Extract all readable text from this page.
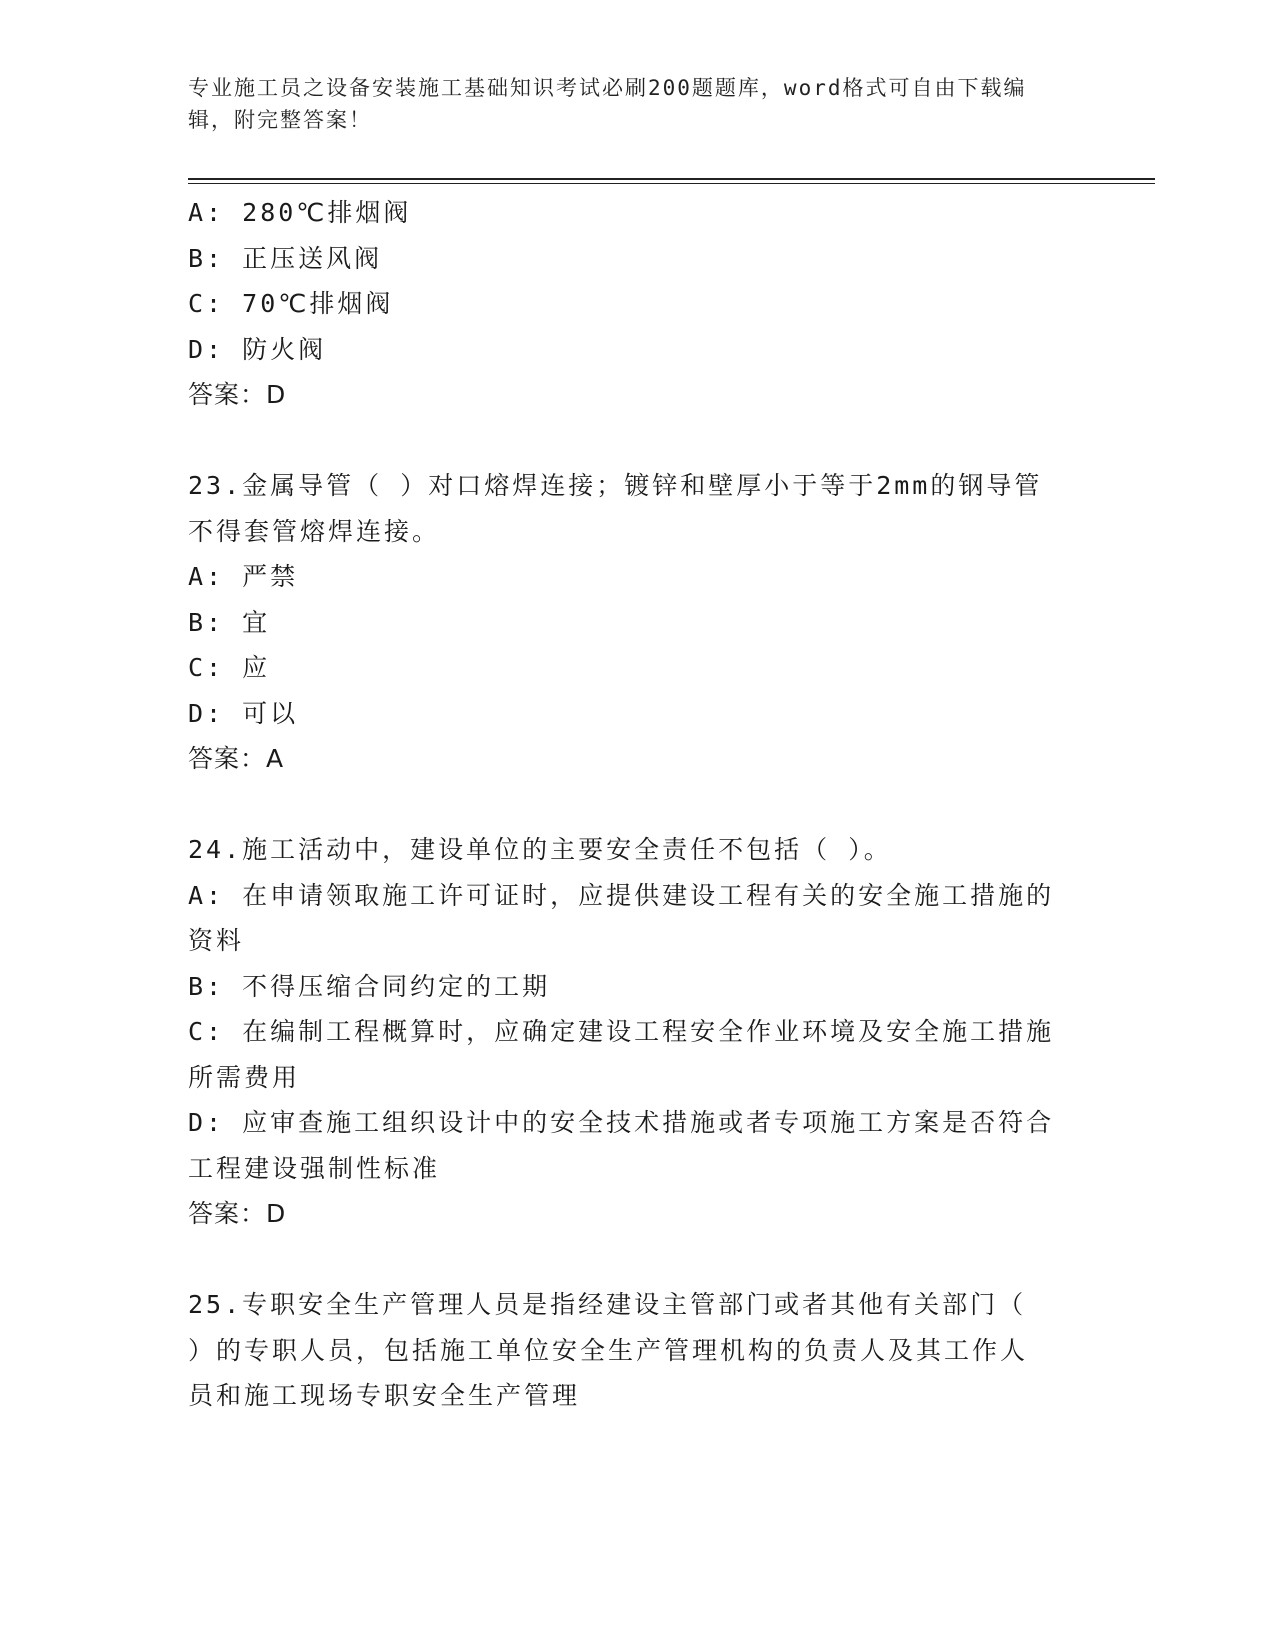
专业施工员之设备安装施工基础知识考试必刷200题题库，word格式可自由下载编辑，附完整答案！
A: 280℃排烟阀
B: 正压送风阀
C: 70℃排烟阀
D: 防火阀
答案：D
23.金属导管（ ）对口熔焊连接；镀锌和壁厚小于等于2mm的钢导管
不得套管熔焊连接。
A: 严禁
B: 宜
C: 应
D: 可以
答案：A
24.施工活动中，建设单位的主要安全责任不包括（ ）。
A: 在申请领取施工许可证时，应提供建设工程有关的安全施工措施的
资料
B: 不得压缩合同约定的工期
C: 在编制工程概算时，应确定建设工程安全作业环境及安全施工措施
所需费用
D: 应审查施工组织设计中的安全技术措施或者专项施工方案是否符合
工程建设强制性标准
答案：D
25.专职安全生产管理人员是指经建设主管部门或者其他有关部门（
）的专职人员，包括施工单位安全生产管理机构的负责人及其工作人
员和施工现场专职安全生产管理
